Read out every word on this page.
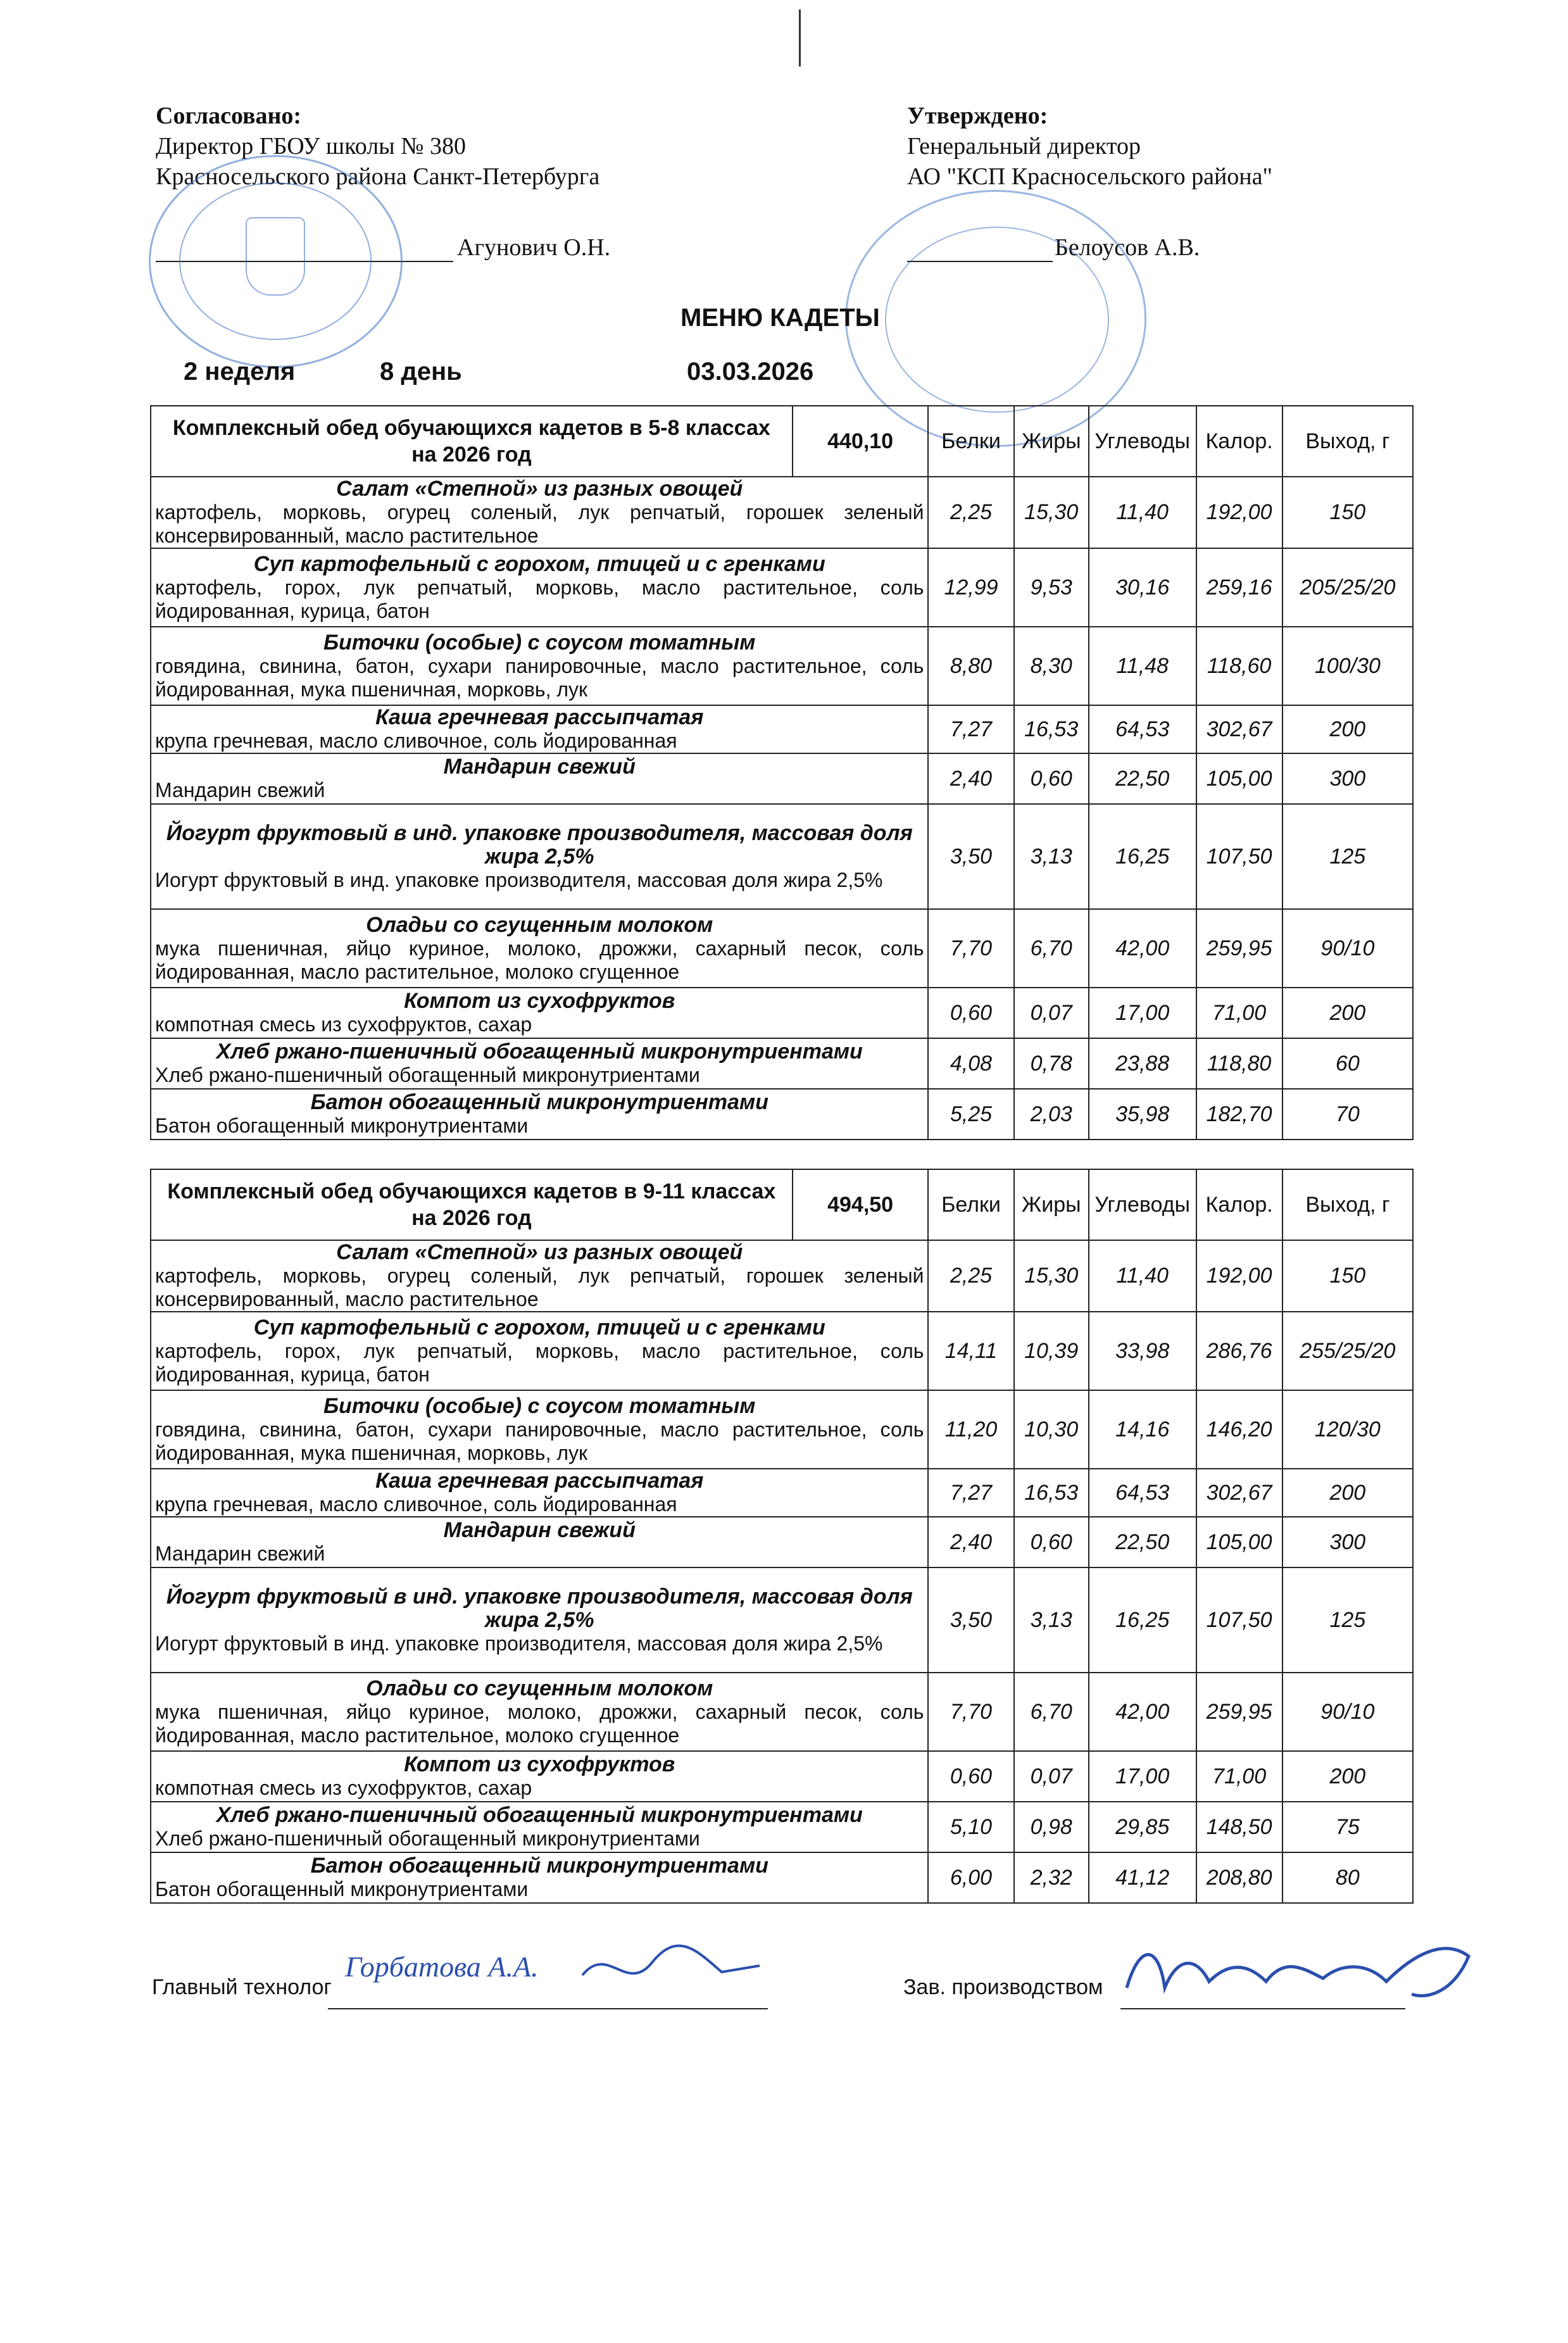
Согласовано:
Директор ГБОУ школы № 380
Красносельского района Санкт-Петербурга
Агунович О.Н.
Утверждено:
Генеральный директор
АО "КСП Красносельского района"
Белоусов А.В.
МЕНЮ КАДЕТЫ
2 неделя	8 день	03.03.2026
Комплексный обед обучающихся кадетов в 5-8 классах на 2026 год	440,10	Белки	Жиры	Углеводы	Калор.	Выход, г

Салат «Степной» из разных овощей
картофель, морковь, огурец соленый, лук репчатый, горошек зеленый консервированный, масло растительное		2,25	15,30	11,40	192,00	150

Суп картофельный с горохом, птицей и с гренками
картофель, горох, лук репчатый, морковь, масло растительное, соль йодированная, курица, батон		12,99	9,53	30,16	259,16	205/25/20

Биточки (особые) с соусом томатным
говядина, свинина, батон, сухари панировочные, масло растительное, соль йодированная, мука пшеничная, морковь, лук		8,80	8,30	11,48	118,60	100/30

Каша гречневая рассыпчатая
крупа гречневая, масло сливочное, соль йодированная		7,27	16,53	64,53	302,67	200

Мандарин свежий
Мандарин свежий		2,40	0,60	22,50	105,00	300

Йогурт фруктовый в инд. упаковке производителя, массовая доля жира 2,5%
Иогурт фруктовый в инд. упаковке производителя, массовая доля жира 2,5%		3,50	3,13	16,25	107,50	125

Оладьи со сгущенным молоком
мука пшеничная, яйцо куриное, молоко, дрожжи, сахарный песок, соль йодированная, масло растительное, молоко сгущенное		7,70	6,70	42,00	259,95	90/10

Компот из сухофруктов
компотная смесь из сухофруктов, сахар		0,60	0,07	17,00	71,00	200

Хлеб ржано-пшеничный обогащенный микронутриентами
Хлеб ржано-пшеничный обогащенный микронутриентами		4,08	0,78	23,88	118,80	60

Батон обогащенный микронутриентами
Батон обогащенный микронутриентами		5,25	2,03	35,98	182,70	70
Комплексный обед обучающихся кадетов в 9-11 классах на 2026 год	494,50	Белки	Жиры	Углеводы	Калор.	Выход, г

Салат «Степной» из разных овощей
картофель, морковь, огурец соленый, лук репчатый, горошек зеленый консервированный, масло растительное		2,25	15,30	11,40	192,00	150

Суп картофельный с горохом, птицей и с гренками
картофель, горох, лук репчатый, морковь, масло растительное, соль йодированная, курица, батон		14,11	10,39	33,98	286,76	255/25/20

Биточки (особые) с соусом томатным
говядина, свинина, батон, сухари панировочные, масло растительное, соль йодированная, мука пшеничная, морковь, лук		11,20	10,30	14,16	146,20	120/30

Каша гречневая рассыпчатая
крупа гречневая, масло сливочное, соль йодированная		7,27	16,53	64,53	302,67	200

Мандарин свежий
Мандарин свежий		2,40	0,60	22,50	105,00	300

Йогурт фруктовый в инд. упаковке производителя, массовая доля жира 2,5%
Иогурт фруктовый в инд. упаковке производителя, массовая доля жира 2,5%		3,50	3,13	16,25	107,50	125

Оладьи со сгущенным молоком
мука пшеничная, яйцо куриное, молоко, дрожжи, сахарный песок, соль йодированная, масло растительное, молоко сгущенное		7,70	6,70	42,00	259,95	90/10

Компот из сухофруктов
компотная смесь из сухофруктов, сахар		0,60	0,07	17,00	71,00	200

Хлеб ржано-пшеничный обогащенный микронутриентами
Хлеб ржано-пшеничный обогащенный микронутриентами		5,10	0,98	29,85	148,50	75

Батон обогащенный микронутриентами
Батон обогащенный микронутриентами		6,00	2,32	41,12	208,80	80
Главный технолог
Горбатова А.А.
Зав. производством
